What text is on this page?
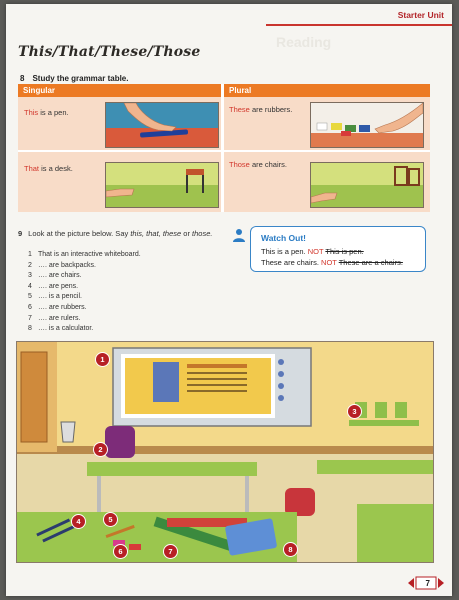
Starter Unit
Reading
This/That/These/Those
8 Study the grammar table.
Singular	Plural
This is a pen.	These are rubbers.
That is a desk.	Those are chairs.
9 Look at the picture below. Say this, that, these or those.
1 That is an interactive whiteboard.
2 …. are backpacks.
3 …. are chairs.
4 …. are pens.
5 …. is a pencil.
6 …. are rubbers.
7 …. are rulers.
8 …. is a calculator.
Watch Out!
This is a pen. NOT This is pen.
These are chairs. NOT These are a chairs.
1
2
3
4	5
6	7	8
7
